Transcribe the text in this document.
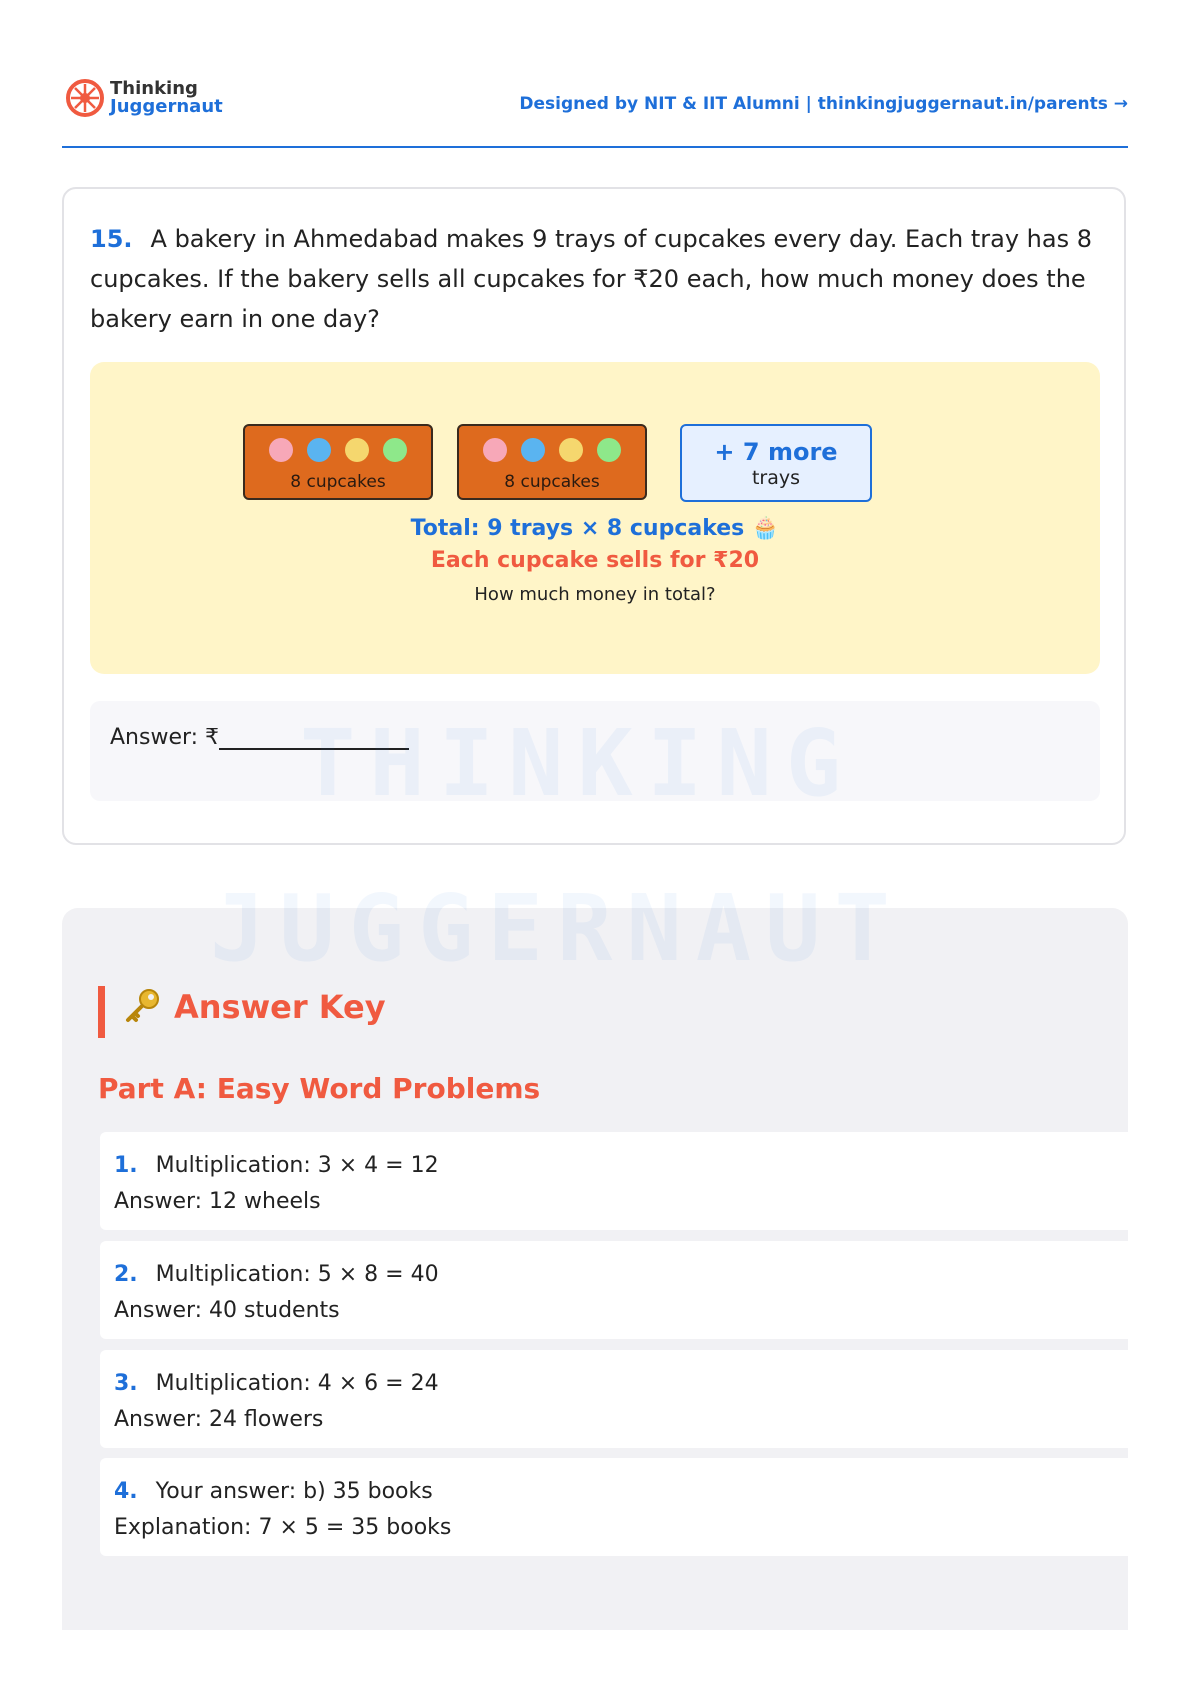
Thinking
Juggernaut	Designed by NIT & IIT Alumni | thinkingjuggernaut.in/parents →
15. A bakery in Ahmedabad makes 9 trays of cupcakes every day. Each tray has 8 cupcakes. If the bakery sells all cupcakes for ₹20 each, how much money does the bakery earn in one day?
8 cupcakes	8 cupcakes
+ 7 more
trays
Total: 9 trays × 8 cupcakes 🧁
Each cupcake sells for ₹20
How much money in total?
Answer: ₹
Answer Key
Part A: Easy Word Problems
1. Multiplication: 3 × 4 = 12
Answer: 12 wheels
2. Multiplication: 5 × 8 = 40
Answer: 40 students
3. Multiplication: 4 × 6 = 24
Answer: 24 flowers
4. Your answer: b) 35 books
Explanation: 7 × 5 = 35 books
